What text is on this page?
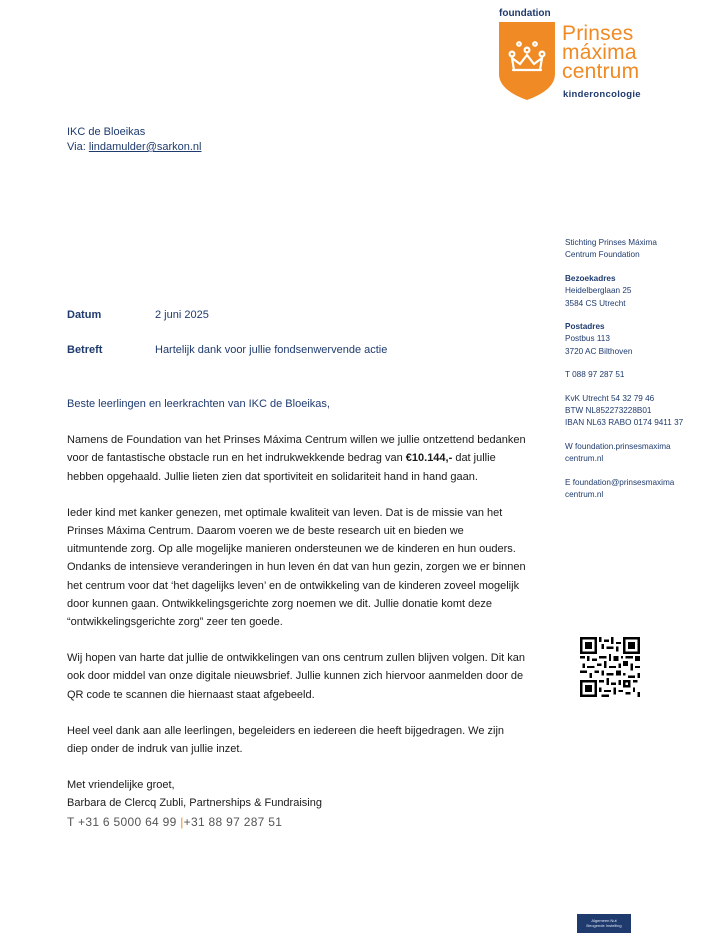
foundation
Prinses
máxima
centrum
kinderoncologie
IKC de Bloeikas
Via: lindamulder@sarkon.nl
Stichting Prinses Máxima
Centrum Foundation
Bezoekadres
Heidelberglaan 25
3584 CS Utrecht
Postadres
Postbus 113
3720 AC Bilthoven
T 088 97 287 51
KvK Utrecht 54 32 79 46
BTW NL852273228B01
IBAN NL63 RABO 0174 9411 37
W foundation.prinsesmaxima
centrum.nl
E foundation@prinsesmaxima
centrum.nl
Datum	2 juni 2025
Betreft	Hartelijk dank voor jullie fondsenwervende actie

Beste leerlingen en leerkrachten van IKC de Bloeikas,

Namens de Foundation van het Prinses Máxima Centrum willen we jullie ontzettend bedanken voor de fantastische obstacle run en het indrukwekkende bedrag van €10.144,- dat jullie hebben opgehaald. Jullie lieten zien dat sportiviteit en solidariteit hand in hand gaan.

Ieder kind met kanker genezen, met optimale kwaliteit van leven. Dat is de missie van het Prinses Máxima Centrum. Daarom voeren we de beste research uit en bieden we uitmuntende zorg. Op alle mogelijke manieren ondersteunen we de kinderen en hun ouders. Ondanks de intensieve veranderingen in hun leven én dat van hun gezin, zorgen we er binnen het centrum voor dat ‘het dagelijks leven’ en de ontwikkeling van de kinderen zoveel mogelijk door kunnen gaan. Ontwikkelingsgerichte zorg noemen we dit. Jullie donatie komt deze “ontwikkelingsgerichte zorg” zeer ten goede.

Wij hopen van harte dat jullie de ontwikkelingen van ons centrum zullen blijven volgen. Dit kan ook door middel van onze digitale nieuwsbrief. Jullie kunnen zich hiervoor aanmelden door de QR code te scannen die hiernaast staat afgebeeld.

Heel veel dank aan alle leerlingen, begeleiders en iedereen die heeft bijgedragen. We zijn diep onder de indruk van jullie inzet.

Met vriendelijke groet,
Barbara de Clercq Zubli, Partnerships & Fundraising
T +31 6 5000 64 99 |+31 88 97 287 51
Algemeen Nut
Beogende Instelling
